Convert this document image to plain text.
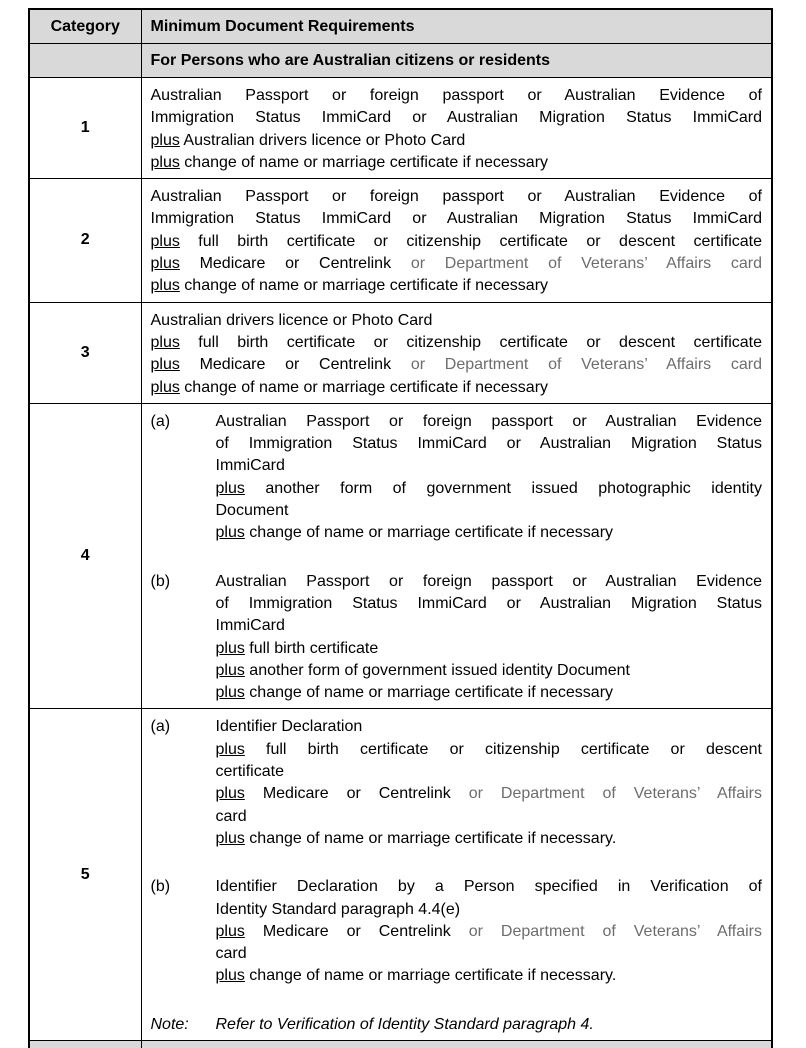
Category	Minimum Document Requirements
	For Persons who are Australian citizens or residents
1	Australian Passport or foreign passport or Australian Evidence of
Immigration Status ImmiCard or Australian Migration Status ImmiCard
plus Australian drivers licence or Photo Card
plus change of name or marriage certificate if necessary

2	Australian Passport or foreign passport or Australian Evidence of
Immigration Status ImmiCard or Australian Migration Status ImmiCard
plus full birth certificate or citizenship certificate or descent certificate
plus Medicare or Centrelink or Department of Veterans’ Affairs card
plus change of name or marriage certificate if necessary

3	Australian drivers licence or Photo Card
plus full birth certificate or citizenship certificate or descent certificate
plus Medicare or Centrelink or Department of Veterans’ Affairs card
plus change of name or marriage certificate if necessary

4	
(a)	Australian Passport or foreign passport or Australian Evidence
of Immigration Status ImmiCard or Australian Migration Status
ImmiCard
plus another form of government issued photographic identity
Document
plus change of name or marriage certificate if necessary
(b)	Australian Passport or foreign passport or Australian Evidence
of Immigration Status ImmiCard or Australian Migration Status
ImmiCard
plus full birth certificate
plus another form of government issued identity Document
plus change of name or marriage certificate if necessary

5	
(a)	Identifier Declaration
plus full birth certificate or citizenship certificate or descent
certificate
plus Medicare or Centrelink or Department of Veterans’ Affairs
card
plus change of name or marriage certificate if necessary.
(b)	Identifier Declaration by a Person specified in Verification of
Identity Standard paragraph 4.4(e)
plus Medicare or Centrelink or Department of Veterans’ Affairs
card
plus change of name or marriage certificate if necessary.
Note: Refer to Verification of Identity Standard paragraph 4.
